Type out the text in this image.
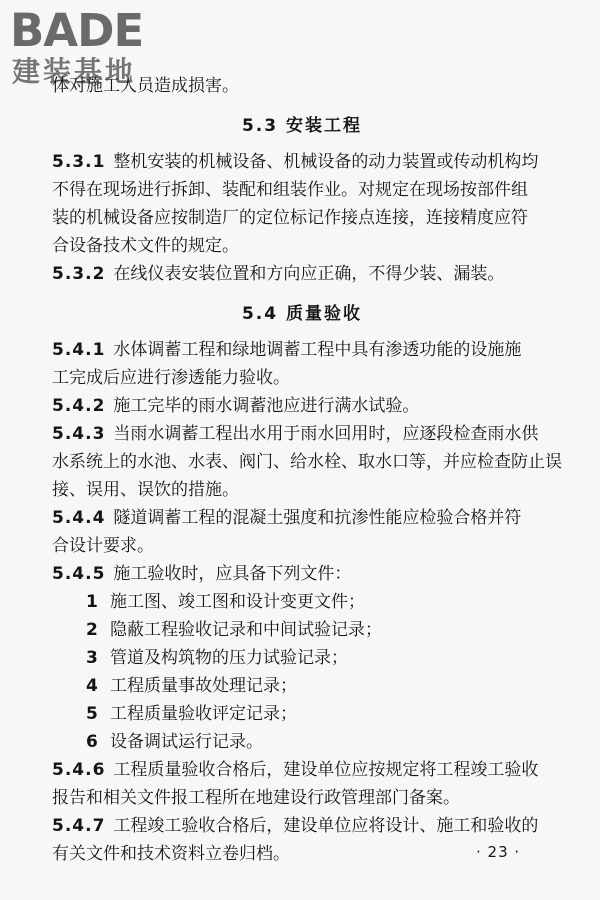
BADE
建装基地
体对施工人员造成损害。
5.3 安装工程
5.3.1 整机安装的机械设备、机械设备的动力装置或传动机构均
不得在现场进行拆卸、装配和组装作业。对规定在现场按部件组
装的机械设备应按制造厂的定位标记作接点连接，连接精度应符
合设备技术文件的规定。
5.3.2 在线仪表安装位置和方向应正确，不得少装、漏装。
5.4 质量验收
5.4.1 水体调蓄工程和绿地调蓄工程中具有渗透功能的设施施
工完成后应进行渗透能力验收。
5.4.2 施工完毕的雨水调蓄池应进行满水试验。
5.4.3 当雨水调蓄工程出水用于雨水回用时，应逐段检查雨水供
水系统上的水池、水表、阀门、给水栓、取水口等，并应检查防止误
接、误用、误饮的措施。
5.4.4 隧道调蓄工程的混凝土强度和抗渗性能应检验合格并符
合设计要求。
5.4.5 施工验收时，应具备下列文件：
1 施工图、竣工图和设计变更文件；
2 隐蔽工程验收记录和中间试验记录；
3 管道及构筑物的压力试验记录；
4 工程质量事故处理记录；
5 工程质量验收评定记录；
6 设备调试运行记录。
5.4.6 工程质量验收合格后，建设单位应按规定将工程竣工验收
报告和相关文件报工程所在地建设行政管理部门备案。
5.4.7 工程竣工验收合格后，建设单位应将设计、施工和验收的
有关文件和技术资料立卷归档。	· 23 ·
